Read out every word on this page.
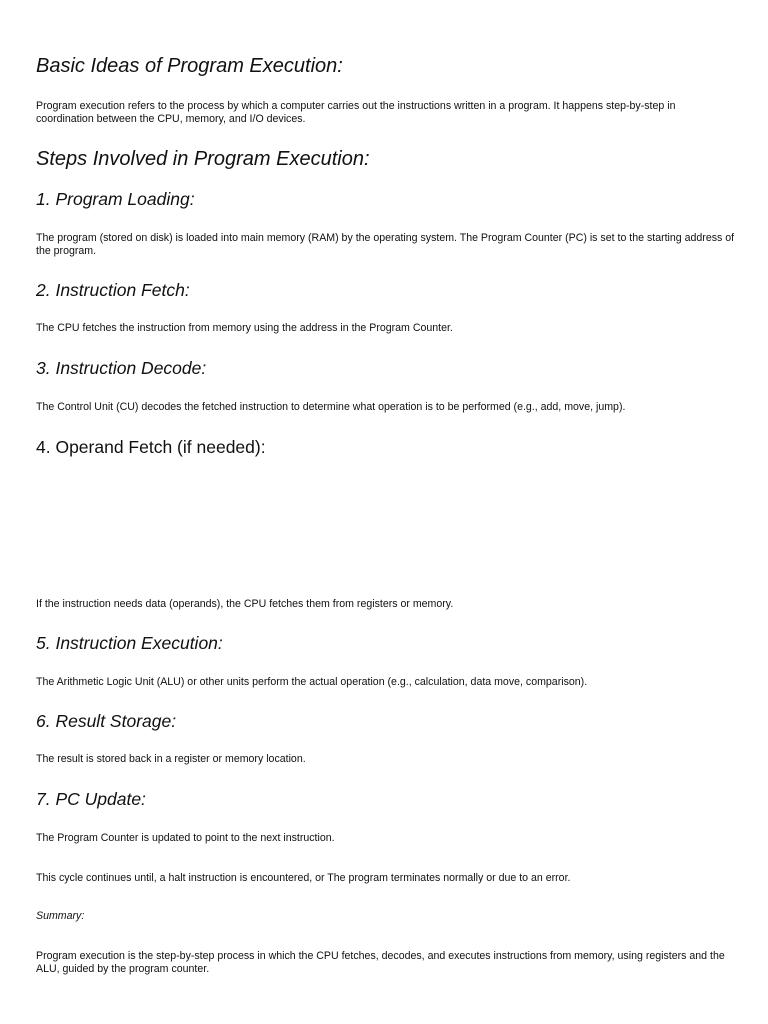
Basic Ideas of Program Execution:

Program execution refers to the process by which a computer carries out the instructions written in a program. It happens step-by-step in coordination between the CPU, memory, and I/O devices.

Steps Involved in Program Execution:
1. Program Loading:

The program (stored on disk) is loaded into main memory (RAM) by the operating system. The Program Counter (PC) is set to the starting address of the program.

2. Instruction Fetch:

The CPU fetches the instruction from memory using the address in the Program Counter.

3. Instruction Decode:

The Control Unit (CU) decodes the fetched instruction to determine what operation is to be performed (e.g., add, move, jump).

4. Operand Fetch (if needed):

If the instruction needs data (operands), the CPU fetches them from registers or memory.

5. Instruction Execution:

The Arithmetic Logic Unit (ALU) or other units perform the actual operation (e.g., calculation, data move, comparison).

6. Result Storage:

The result is stored back in a register or memory location.

7. PC Update:

The Program Counter is updated to point to the next instruction.

This cycle continues until, a halt instruction is encountered, or The program terminates normally or due to an error.

Summary:

Program execution is the step-by-step process in which the CPU fetches, decodes, and executes instructions from memory, using registers and the ALU, guided by the program counter.
